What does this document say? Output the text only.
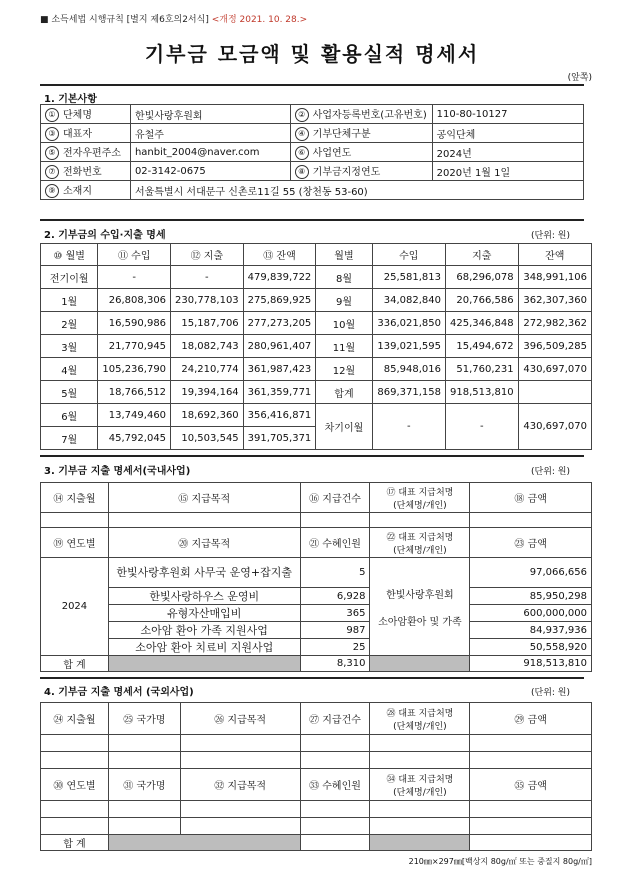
■ 소득세법 시행규칙 [별지 제6호의2서식] <개정 2021. 10. 28.>
기부금 모금액 및 활용실적 명세서
(앞쪽)
1. 기본사항
① 단체명	한빛사랑후원회	② 사업자등록번호(고유번호)	110-80-10127
③ 대표자	유철주	④ 기부단체구분	공익단체
⑤ 전자우편주소	hanbit_2004@naver.com	⑥ 사업연도	2024년
⑦ 전화번호	02-3142-0675	⑧ 기부금지정연도	2020년 1월 1일
⑨ 소재지	서울특별시 서대문구 신촌로11길 55 (창천동 53-60)		
2. 기부금의 수입·지출 명세	(단위: 원)
⑩ 월별	⑪ 수입	⑫ 지출	⑬ 잔액	월별	수입	지출	잔액
전기이월	-	-	479,839,722	8월	25,581,813	68,296,078	348,991,106
1월	26,808,306	230,778,103	275,869,925	9월	34,082,840	20,766,586	362,307,360
2월	16,590,986	15,187,706	277,273,205	10월	336,021,850	425,346,848	272,982,362
3월	21,770,945	18,082,743	280,961,407	11월	139,021,595	15,494,672	396,509,285
4월	105,236,790	24,210,774	361,987,423	12월	85,948,016	51,760,231	430,697,070
5월	18,766,512	19,394,164	361,359,771	합계	869,371,158	918,513,810	
6월	13,749,460	18,692,360	356,416,871	차기이월	-	-	430,697,070
7월	45,792,045	10,503,545	391,705,371				
3. 기부금 지출 명세서(국내사업)	(단위: 원)
⑭ 지출월	⑮ 지급목적	⑯ 지급건수	⑰ 대표 지급처명
(단체명/개인)	⑱ 금액

⑲ 연도별	⑳ 지급목적	㉑ 수혜인원	㉒ 대표 지급처명
(단체명/개인)	㉓ 금액
2024	한빛사랑후원회 사무국 운영+잡지출	5	한빛사랑후원회
소아암환아 및 가족	97,066,656
	한빛사랑하우스 운영비	6,928		85,950,298
	유형자산매입비	365		600,000,000
	소아암 환아 가족 지원사업	987		84,937,936
	소아암 환아 치료비 지원사업	25		50,558,920
합 계		8,310		918,513,810
4. 기부금 지출 명세서 (국외사업)	(단위: 원)
㉔ 지출월	㉕ 국가명	㉖ 지급목적	㉗ 지급건수	㉘ 대표 지급처명
(단체명/개인)	㉙ 금액

㉚ 연도별	㉛ 국가명	㉜ 지급목적	㉝ 수혜인원	㉞ 대표 지급처명
(단체명/개인)	㉟ 금액

합 계					
210㎜×297㎜[백상지 80g/㎡ 또는 중질지 80g/㎡]
